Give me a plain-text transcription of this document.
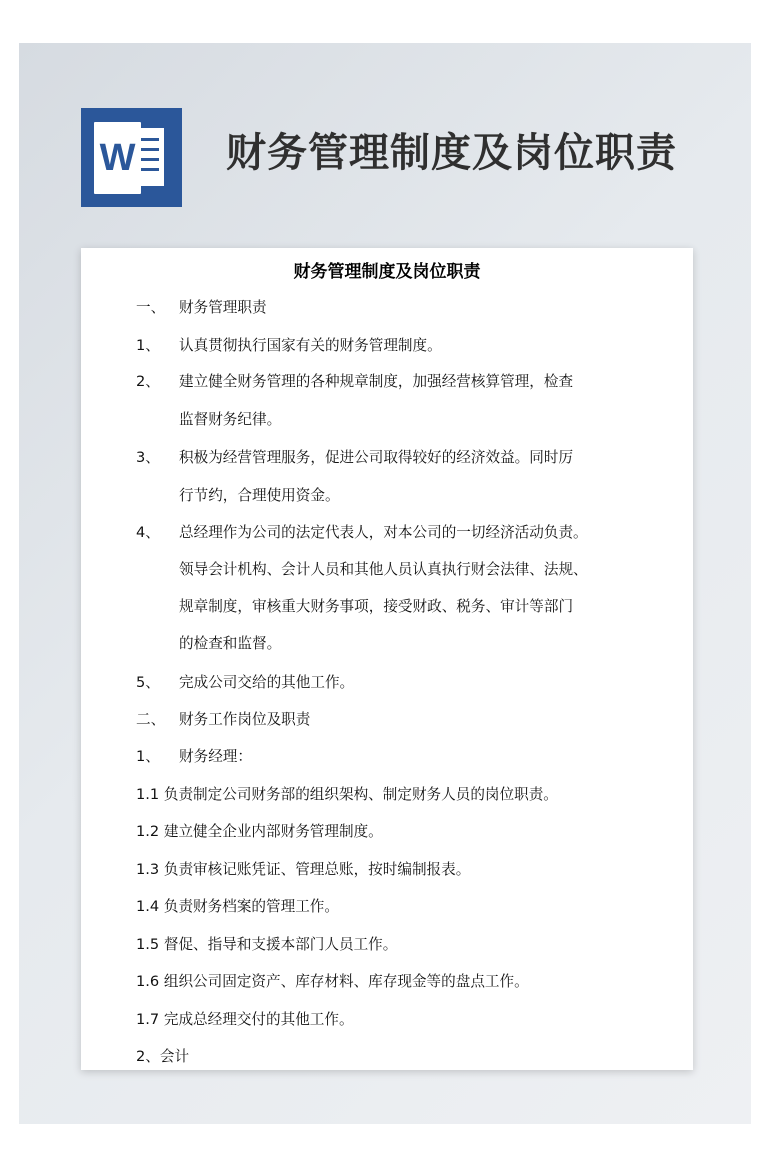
W 财务管理制度及岗位职责
财务管理制度及岗位职责
一、 财务管理职责
1、 认真贯彻执行国家有关的财务管理制度。
2、 建立健全财务管理的各种规章制度，加强经营核算管理，检查
监督财务纪律。
3、 积极为经营管理服务，促进公司取得较好的经济效益。同时厉
行节约，合理使用资金。
4、 总经理作为公司的法定代表人，对本公司的一切经济活动负责。
领导会计机构、会计人员和其他人员认真执行财会法律、法规、
规章制度，审核重大财务事项，接受财政、税务、审计等部门
的检查和监督。
5、 完成公司交给的其他工作。
二、 财务工作岗位及职责
1、 财务经理：
1.1 负责制定公司财务部的组织架构、制定财务人员的岗位职责。
1.2 建立健全企业内部财务管理制度。
1.3 负责审核记账凭证、管理总账，按时编制报表。
1.4 负责财务档案的管理工作。
1.5 督促、指导和支援本部门人员工作。
1.6 组织公司固定资产、库存材料、库存现金等的盘点工作。
1.7 完成总经理交付的其他工作。
2、会计
